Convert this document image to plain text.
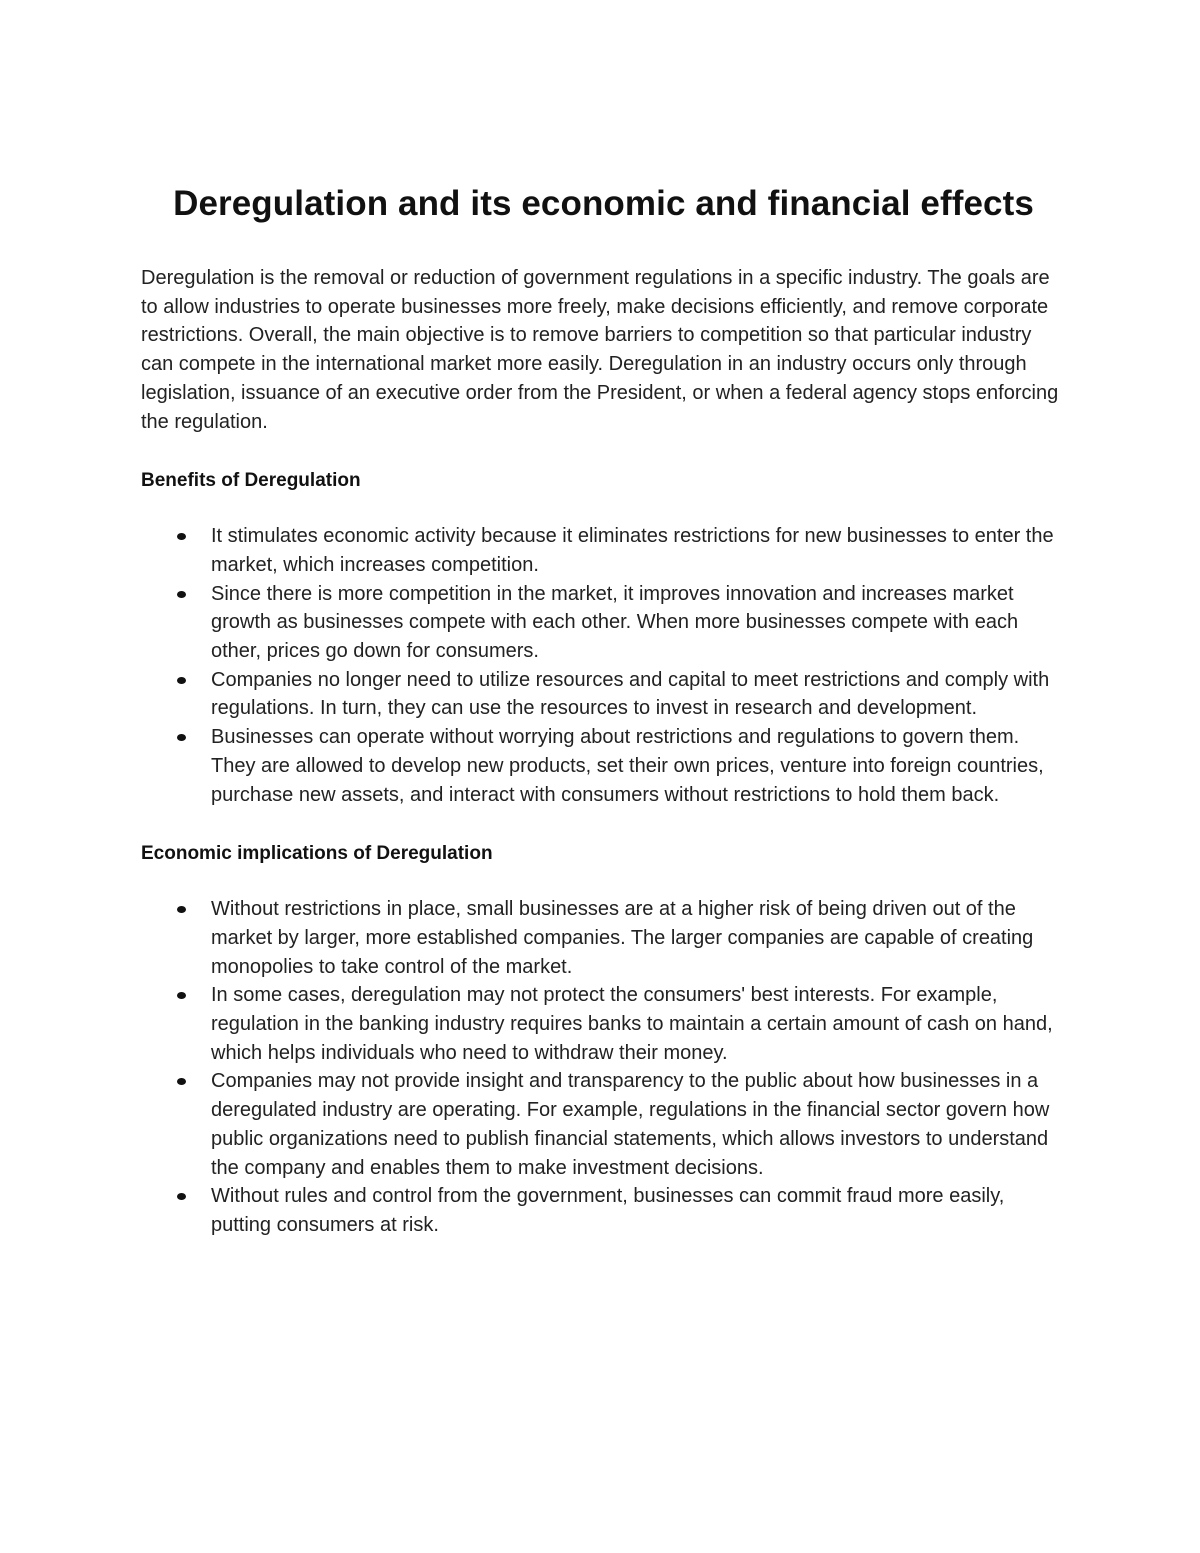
Deregulation and its economic and financial effects

Deregulation is the removal or reduction of government regulations in a specific industry. The goals are to allow industries to operate businesses more freely, make decisions efficiently, and remove corporate restrictions. Overall, the main objective is to remove barriers to competition so that particular industry can compete in the international market more easily. Deregulation in an industry occurs only through legislation, issuance of an executive order from the President, or when a federal agency stops enforcing the regulation.

Benefits of Deregulation
It stimulates economic activity because it eliminates restrictions for new businesses to enter the market, which increases competition.
Since there is more competition in the market, it improves innovation and increases market growth as businesses compete with each other. When more businesses compete with each other, prices go down for consumers.
Companies no longer need to utilize resources and capital to meet restrictions and comply with regulations. In turn, they can use the resources to invest in research and development.
Businesses can operate without worrying about restrictions and regulations to govern them. They are allowed to develop new products, set their own prices, venture into foreign countries, purchase new assets, and interact with consumers without restrictions to hold them back.
Economic implications of Deregulation
Without restrictions in place, small businesses are at a higher risk of being driven out of the market by larger, more established companies. The larger companies are capable of creating monopolies to take control of the market.
In some cases, deregulation may not protect the consumers' best interests. For example, regulation in the banking industry requires banks to maintain a certain amount of cash on hand, which helps individuals who need to withdraw their money.
Companies may not provide insight and transparency to the public about how businesses in a deregulated industry are operating. For example, regulations in the financial sector govern how public organizations need to publish financial statements, which allows investors to understand the company and enables them to make investment decisions.
Without rules and control from the government, businesses can commit fraud more easily, putting consumers at risk.
